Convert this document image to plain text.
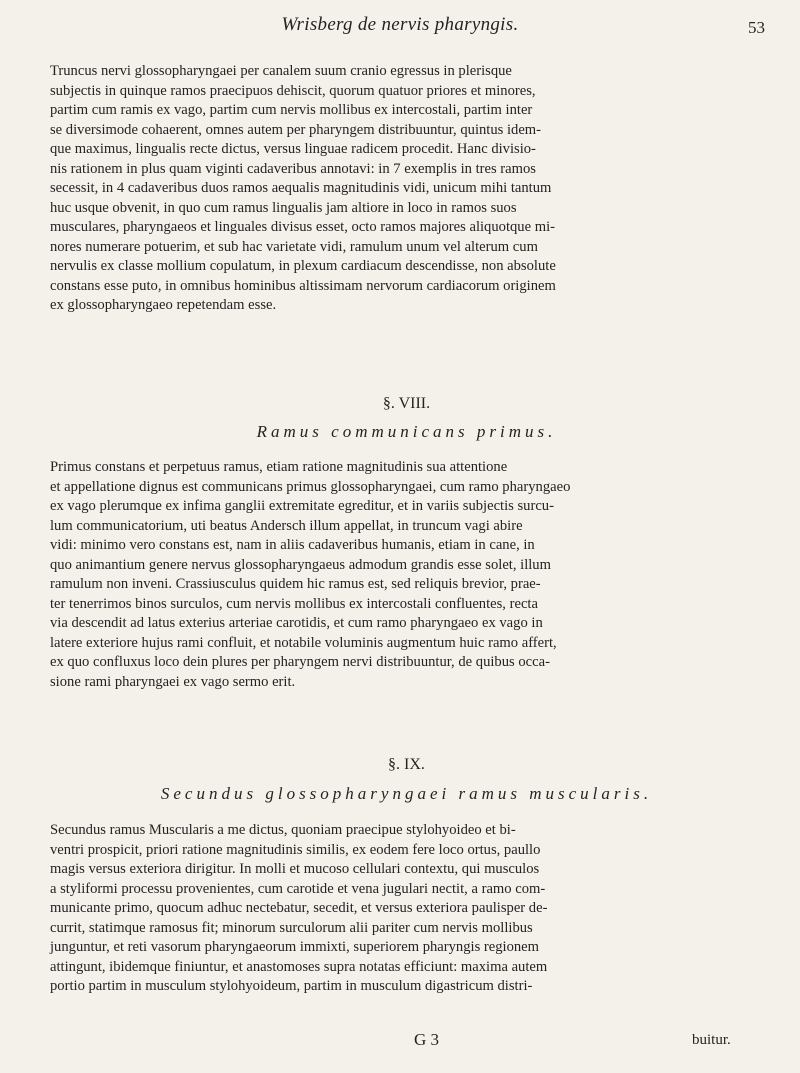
Wrisberg de nervis pharyngis.	53

Truncus nervi glossopharyngaei per canalem suum cranio egressus in plerisque

subjectis in quinque ramos praecipuos dehiscit, quorum quatuor priores et minores,

partim cum ramis ex vago, partim cum nervis mollibus ex intercostali, partim inter

se diversimode cohaerent, omnes autem per pharyngem distribuuntur, quintus idem-

que maximus, lingualis recte dictus, versus linguae radicem procedit. Hanc divisio-

nis rationem in plus quam viginti cadaveribus annotavi: in 7 exemplis in tres ramos

secessit, in 4 cadaveribus duos ramos aequalis magnitudinis vidi, unicum mihi tantum

huc usque obvenit, in quo cum ramus lingualis jam altiore in loco in ramos suos

musculares, pharyngaeos et linguales divisus esset, octo ramos majores aliquotque mi-

nores numerare potuerim, et sub hac varietate vidi, ramulum unum vel alterum cum

nervulis ex classe mollium copulatum, in plexum cardiacum descendisse, non absolute

constans esse puto, in omnibus hominibus altissimam nervorum cardiacorum originem

ex glossopharyngaeo repetendam esse.

§. VIII.
Ramus communicans primus.

Primus constans et perpetuus ramus, etiam ratione magnitudinis sua attentione

et appellatione dignus est communicans primus glossopharyngaei, cum ramo pharyngaeo

ex vago plerumque ex infima ganglii extremitate egreditur, et in variis subjectis surcu-

lum communicatorium, uti beatus Andersch illum appellat, in truncum vagi abire

vidi: minimo vero constans est, nam in aliis cadaveribus humanis, etiam in cane, in

quo animantium genere nervus glossopharyngaeus admodum grandis esse solet, illum

ramulum non inveni. Crassiusculus quidem hic ramus est, sed reliquis brevior, prae-

ter tenerrimos binos surculos, cum nervis mollibus ex intercostali confluentes, recta

via descendit ad latus exterius arteriae carotidis, et cum ramo pharyngaeo ex vago in

latere exteriore hujus rami confluit, et notabile voluminis augmentum huic ramo affert,

ex quo confluxus loco dein plures per pharyngem nervi distribuuntur, de quibus occa-

sione rami pharyngaei ex vago sermo erit.

§. IX.
Secundus glossopharyngaei ramus muscularis.

Secundus ramus Muscularis a me dictus, quoniam praecipue stylohyoideo et bi-

ventri prospicit, priori ratione magnitudinis similis, ex eodem fere loco ortus, paullo

magis versus exteriora dirigitur. In molli et mucoso cellulari contextu, qui musculos

a styliformi processu provenientes, cum carotide et vena jugulari nectit, a ramo com-

municante primo, quocum adhuc nectebatur, secedit, et versus exteriora paulisper de-

currit, statimque ramosus fit; minorum surculorum alii pariter cum nervis mollibus

junguntur, et reti vasorum pharyngaeorum immixti, superiorem pharyngis regionem

attingunt, ibidemque finiuntur, et anastomoses supra notatas efficiunt: maxima autem

portio partim in musculum stylohyoideum, partim in musculum digastricum distri-

G 3	buitur.
